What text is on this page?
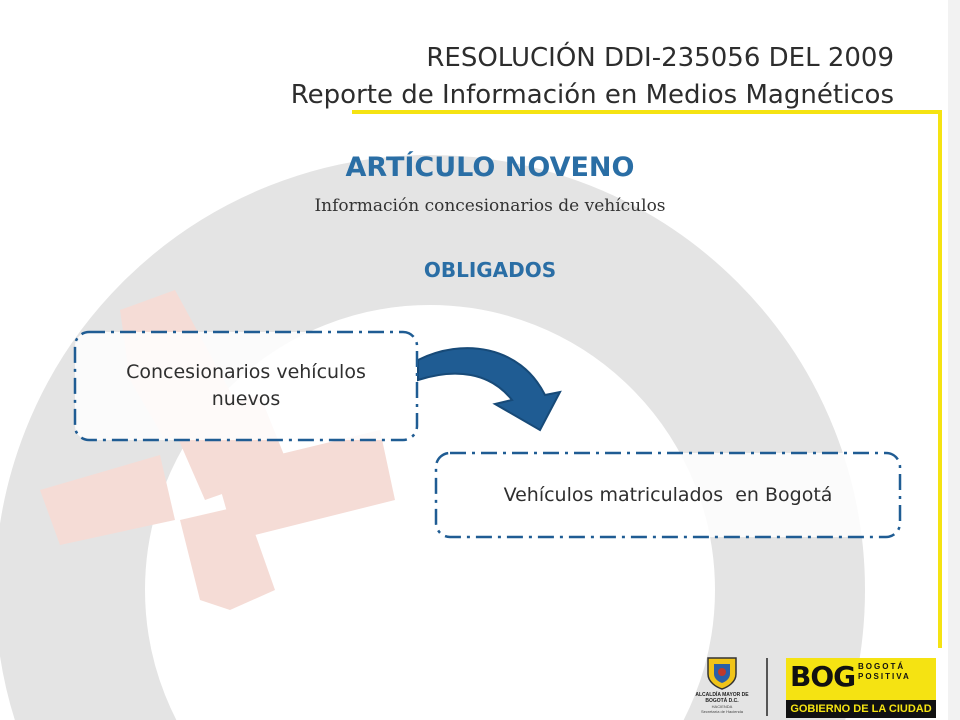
RESOLUCIÓN DDI-235056 DEL 2009
Reporte de Información en Medios Magnéticos
ARTÍCULO NOVENO
Información concesionarios de vehículos
OBLIGADOS
Concesionarios vehículos nuevos
Vehículos matriculados  en Bogotá
ALCALDÍA MAYOR DE BOGOTÁ D.C.
HACIENDA
Secretaría de Hacienda
BOG BOGOTÁ POSITIVA
GOBIERNO DE LA CIUDAD
